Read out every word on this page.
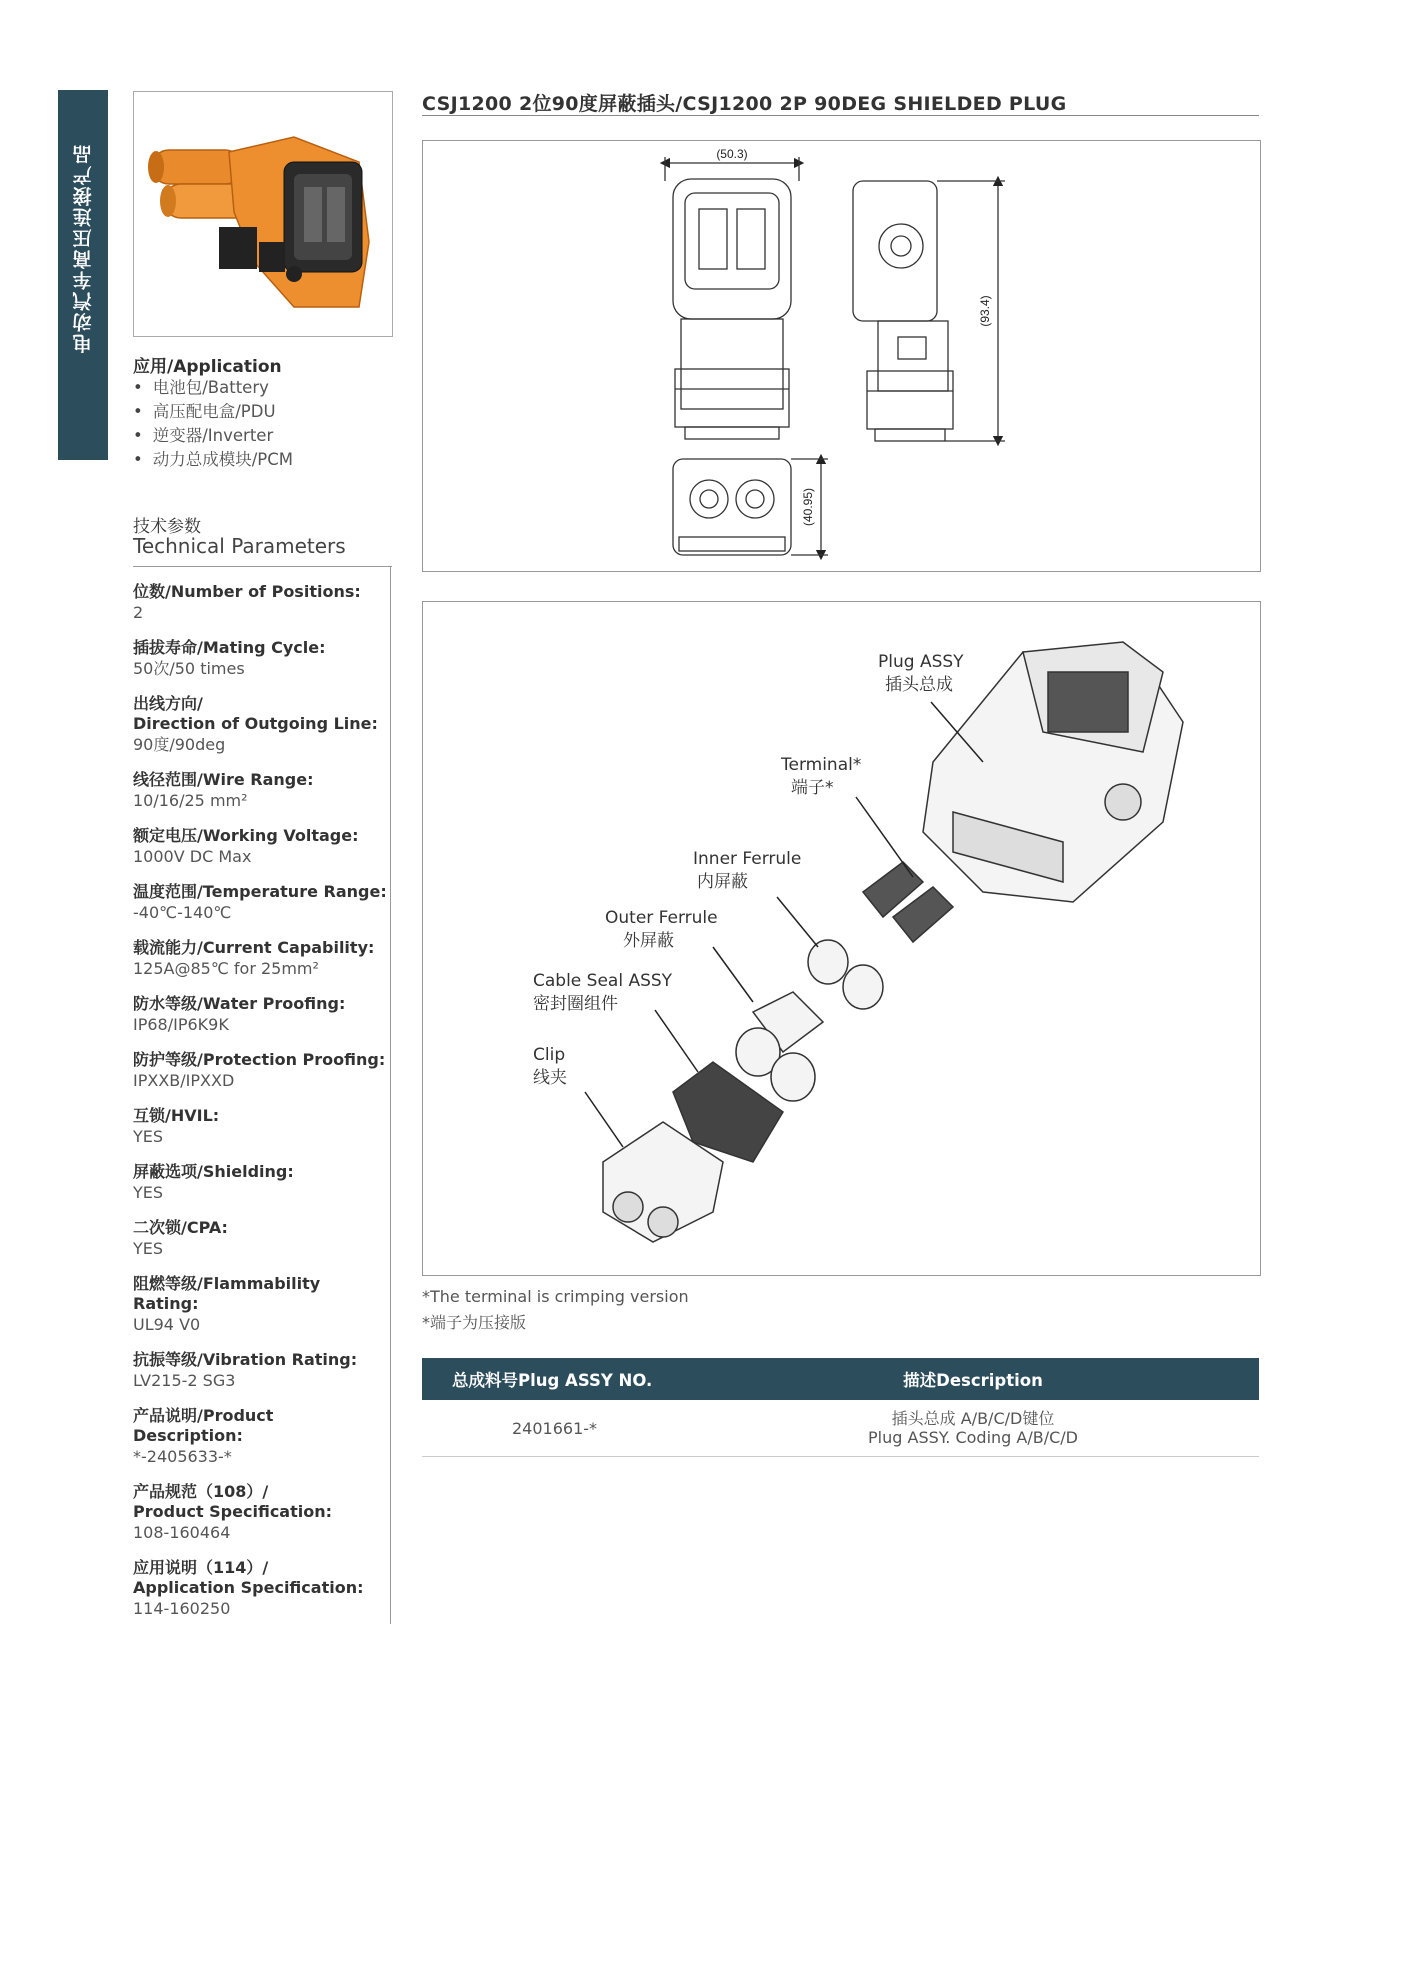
电动汽车高压连接产品
应用/Application
• 电池包/Battery
• 高压配电盒/PDU
• 逆变器/Inverter
• 动力总成模块/PCM
技术参数
Technical Parameters
位数/Number of Positions:
2
插拔寿命/Mating Cycle:
50次/50 times
出线方向/
Direction of Outgoing Line:
90度/90deg
线径范围/Wire Range:
10/16/25 mm²
额定电压/Working Voltage:
1000V DC Max
温度范围/Temperature Range:
-40℃-140℃
载流能力/Current Capability:
125A@85℃ for 25mm²
防水等级/Water Proofing:
IP68/IP6K9K
防护等级/Protection Proofing:
IPXXB/IPXXD
互锁/HVIL:
YES
屏蔽选项/Shielding:
YES
二次锁/CPA:
YES
阻燃等级/Flammability Rating:
UL94 V0
抗振等级/Vibration Rating:
LV215-2 SG3
产品说明/Product Description:
*-2405633-*
产品规范（108）/
Product Specification:
108-160464
应用说明（114）/
Application Specification:
114-160250
CSJ1200 2位90度屏蔽插头/CSJ1200 2P 90DEG SHIELDED PLUG
(50.3)
(93.4)
(40.95)
Plug ASSY
插头总成
Terminal*
端子*
Inner Ferrule
内屏蔽
Outer Ferrule
外屏蔽
Cable Seal ASSY
密封圈组件
Clip
线夹
*The terminal is crimping version
*端子为压接版
总成料号Plug ASSY NO.	描述Description
2401661-*	插头总成 A/B/C/D键位
Plug ASSY. Coding A/B/C/D
